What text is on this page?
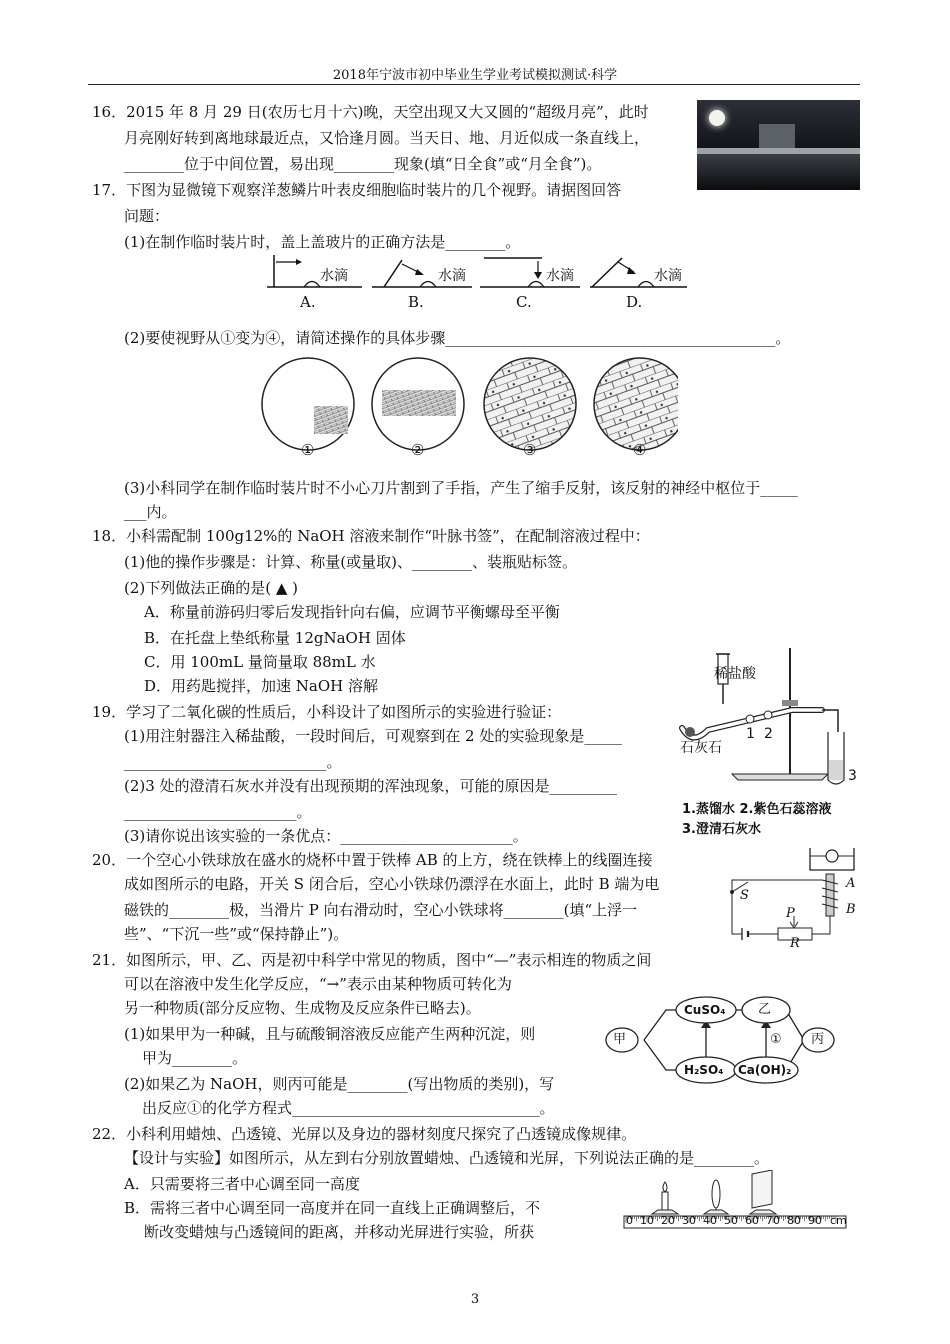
2018年宁波市初中毕业生学业考试模拟测试·科学
16．2015 年 8 月 29 日(农历七月十六)晚，天空出现又大又圆的“超级月亮”，此时
月亮刚好转到离地球最近点，又恰逢月圆。当天日、地、月近似成一条直线上，
________位于中间位置，易出现________现象(填“日全食”或“月全食”)。
17．下图为显微镜下观察洋葱鳞片叶表皮细胞临时装片的几个视野。请据图回答
问题：
(1)在制作临时装片时，盖上盖玻片的正确方法是________。
水滴	水滴	水滴	水滴
A.	B.	C.	D.
(2)要使视野从①变为④，请简述操作的具体步骤____________________________________________。
①	②	③	④
(3)小科同学在制作临时装片时不小心刀片割到了手指，产生了缩手反射，该反射的神经中枢位于_____
___内。
18．小科需配制 100g12%的 NaOH 溶液来制作“叶脉书签”，在配制溶液过程中：
(1)他的操作步骤是：计算、称量(或量取)、________、装瓶贴标签。
(2)下列做法正确的是( ▲ )
A．称量前游码归零后发现指针向右偏，应调节平衡螺母至平衡
B．在托盘上垫纸称量 12gNaOH 固体
C．用 100mL 量筒量取 88mL 水
D．用药匙搅拌，加速 NaOH 溶解
19．学习了二氧化碳的性质后，小科设计了如图所示的实验进行验证：
(1)用注射器注入稀盐酸，一段时间后，可观察到在 2 处的实验现象是_____
___________________________。
(2)3 处的澄清石灰水并没有出现预期的浑浊现象，可能的原因是_________
_______________________。
(3)请你说出该实验的一条优点：_______________________。
稀盐酸
石灰石
1 2
3
1.蒸馏水 2.紫色石蕊溶液
3.澄清石灰水
20．一个空心小铁球放在盛水的烧杯中置于铁棒 AB 的上方，绕在铁棒上的线圈连接
成如图所示的电路，开关 S 闭合后，空心小铁球仍漂浮在水面上，此时 B 端为电
磁铁的________极，当滑片 P 向右滑动时，空心小铁球将________(填“上浮一
些”、“下沉一些”或“保持静止”)。
S
A
B
P
R
21．如图所示，甲、乙、丙是初中科学中常见的物质，图中“—”表示相连的物质之间
可以在溶液中发生化学反应，“→”表示由某种物质可转化为
另一种物质(部分反应物、生成物及反应条件已略去)。
(1)如果甲为一种碱，且与硫酸铜溶液反应能产生两种沉淀，则
甲为________。
(2)如果乙为 NaOH，则丙可能是________(写出物质的类别)，写
出反应①的化学方程式_________________________________。
甲
CuSO₄	乙
丙
H₂SO₄ Ca(OH)₂
①
22．小科利用蜡烛、凸透镜、光屏以及身边的器材刻度尺探究了凸透镜成像规律。
【设计与实验】如图所示，从左到右分别放置蜡烛、凸透镜和光屏，下列说法正确的是________。
A．只需要将三者中心调至同一高度
B．需将三者中心调至同一高度并在同一直线上正确调整后，不
断改变蜡烛与凸透镜间的距离，并移动光屏进行实验，所获
0 10 20 30 40 50 60 70 80 90 cm
3
